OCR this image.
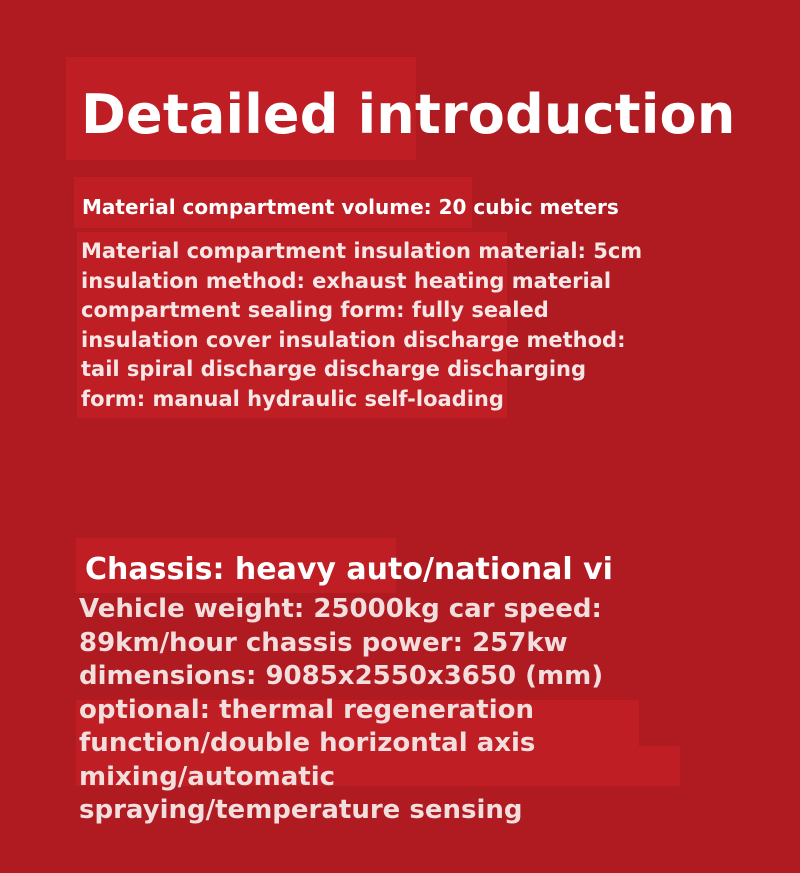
Detailed introduction

Material compartment volume: 20 cubic meters

Material compartment insulation material: 5cm
insulation method: exhaust heating material
compartment sealing form: fully sealed
insulation cover insulation discharge method:
tail spiral discharge discharge discharging
form: manual hydraulic self-loading

Chassis: heavy auto/national vi

Vehicle weight: 25000kg car speed:
89km/hour chassis power: 257kw
dimensions: 9085x2550x3650 (mm)
optional: thermal regeneration
function/double horizontal axis
mixing/automatic
spraying/temperature sensing
